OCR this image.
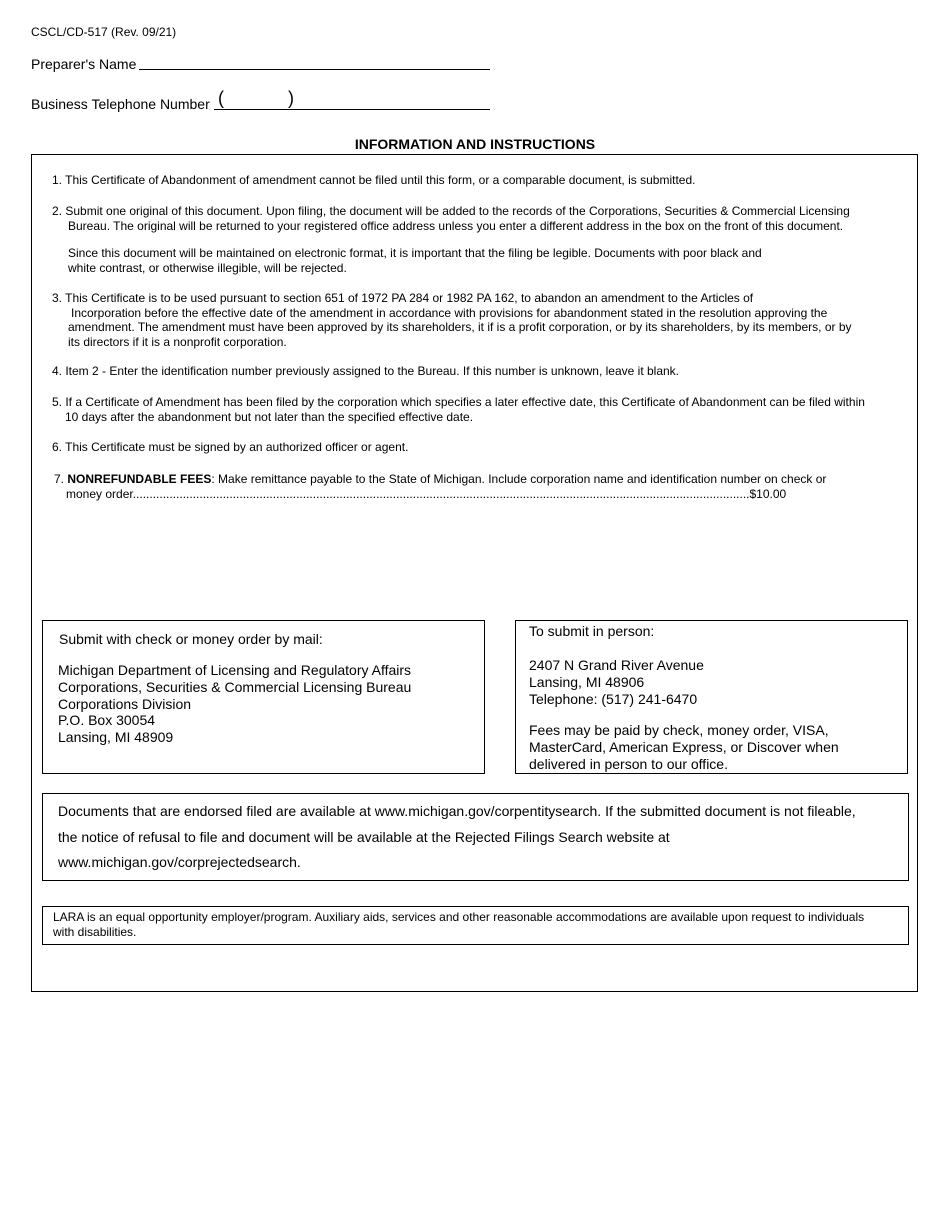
CSCL/CD-517 (Rev. 09/21)
Preparer's Name
Business Telephone Number (	)
INFORMATION AND INSTRUCTIONS

1. This Certificate of Abandonment of amendment cannot be filed until this form, or a comparable document, is submitted.

2. Submit one original of this document. Upon filing, the document will be added to the records of the Corporations, Securities & Commercial Licensing

Bureau. The original will be returned to your registered office address unless you enter a different address in the box on the front of this document.

Since this document will be maintained on electronic format, it is important that the filing be legible. Documents with poor black and

white contrast, or otherwise illegible, will be rejected.

3. This Certificate is to be used pursuant to section 651 of 1972 PA 284 or 1982 PA 162, to abandon an amendment to the Articles of

Incorporation before the effective date of the amendment in accordance with provisions for abandonment stated in the resolution approving the

amendment. The amendment must have been approved by its shareholders, it if is a profit corporation, or by its shareholders, by its members, or by

its directors if it is a nonprofit corporation.

4. Item 2 - Enter the identification number previously assigned to the Bureau. If this number is unknown, leave it blank.

5. If a Certificate of Amendment has been filed by the corporation which specifies a later effective date, this Certificate of Abandonment can be filed within

10 days after the abandonment but not later than the specified effective date.

6. This Certificate must be signed by an authorized officer or agent.

7. NONREFUNDABLE FEES: Make remittance payable to the State of Michigan. Include corporation name and identification number on check or

money order.........................................................................................................................................................................................$10.00

Submit with check or money order by mail:

Michigan Department of Licensing and Regulatory Affairs

Corporations, Securities & Commercial Licensing Bureau

Corporations Division

P.O. Box 30054

Lansing, MI 48909

To submit in person:

2407 N Grand River Avenue

Lansing, MI 48906

Telephone: (517) 241-6470

Fees may be paid by check, money order, VISA,

MasterCard, American Express, or Discover when

delivered in person to our office.

Documents that are endorsed filed are available at www.michigan.gov/corpentitysearch. If the submitted document is not fileable,

the notice of refusal to file and document will be available at the Rejected Filings Search website at

www.michigan.gov/corprejectedsearch.

LARA is an equal opportunity employer/program. Auxiliary aids, services and other reasonable accommodations are available upon request to individuals

with disabilities.
